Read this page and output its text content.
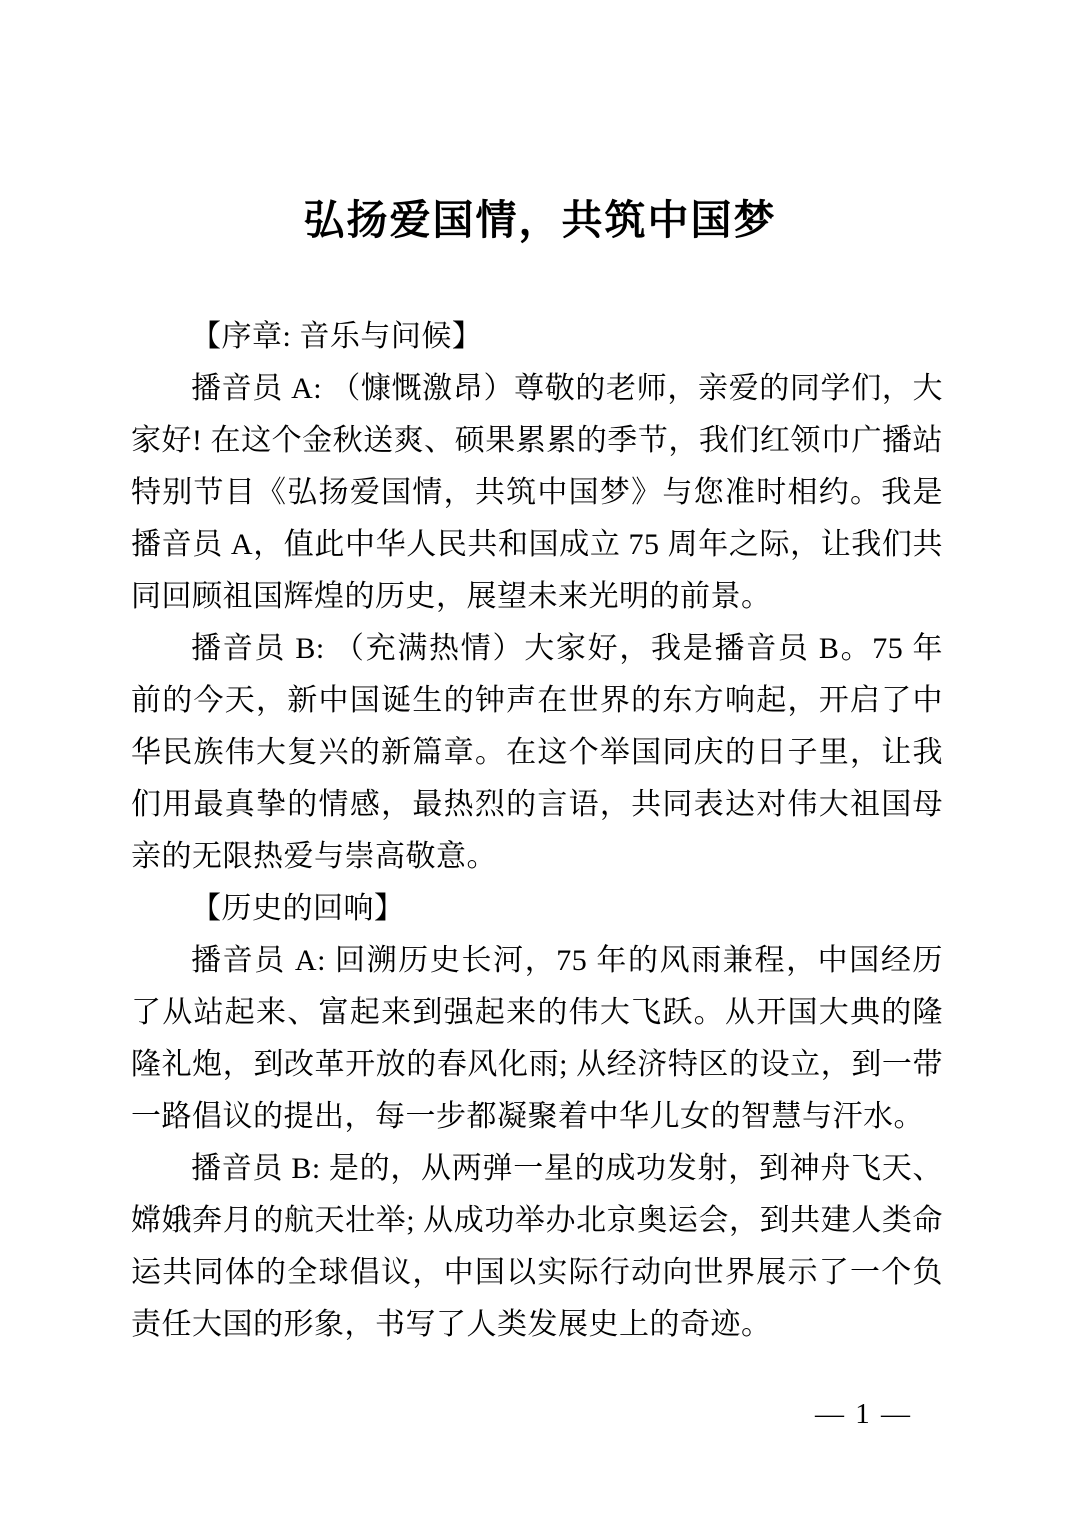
弘扬爱国情，共筑中国梦
【序章: 音乐与问候】

播音员 A: （慷慨激昂）尊敬的老师，亲爱的同学们，大家好! 在这个金秋送爽、硕果累累的季节，我们红领巾广播站特别节目《弘扬爱国情，共筑中国梦》与您准时相约。我是播音员 A，值此中华人民共和国成立 75 周年之际，让我们共同回顾祖国辉煌的历史，展望未来光明的前景。

播音员 B: （充满热情）大家好，我是播音员 B。75 年前的今天，新中国诞生的钟声在世界的东方响起，开启了中华民族伟大复兴的新篇章。在这个举国同庆的日子里，让我们用最真挚的情感，最热烈的言语，共同表达对伟大祖国母亲的无限热爱与崇高敬意。

【历史的回响】

播音员 A: 回溯历史长河，75 年的风雨兼程，中国经历了从站起来、富起来到强起来的伟大飞跃。从开国大典的隆隆礼炮，到改革开放的春风化雨; 从经济特区的设立，到一带一路倡议的提出，每一步都凝聚着中华儿女的智慧与汗水。

播音员 B: 是的，从两弹一星的成功发射，到神舟飞天、嫦娥奔月的航天壮举; 从成功举办北京奥运会，到共建人类命运共同体的全球倡议，中国以实际行动向世界展示了一个负责任大国的形象，书写了人类发展史上的奇迹。

— 1 —
